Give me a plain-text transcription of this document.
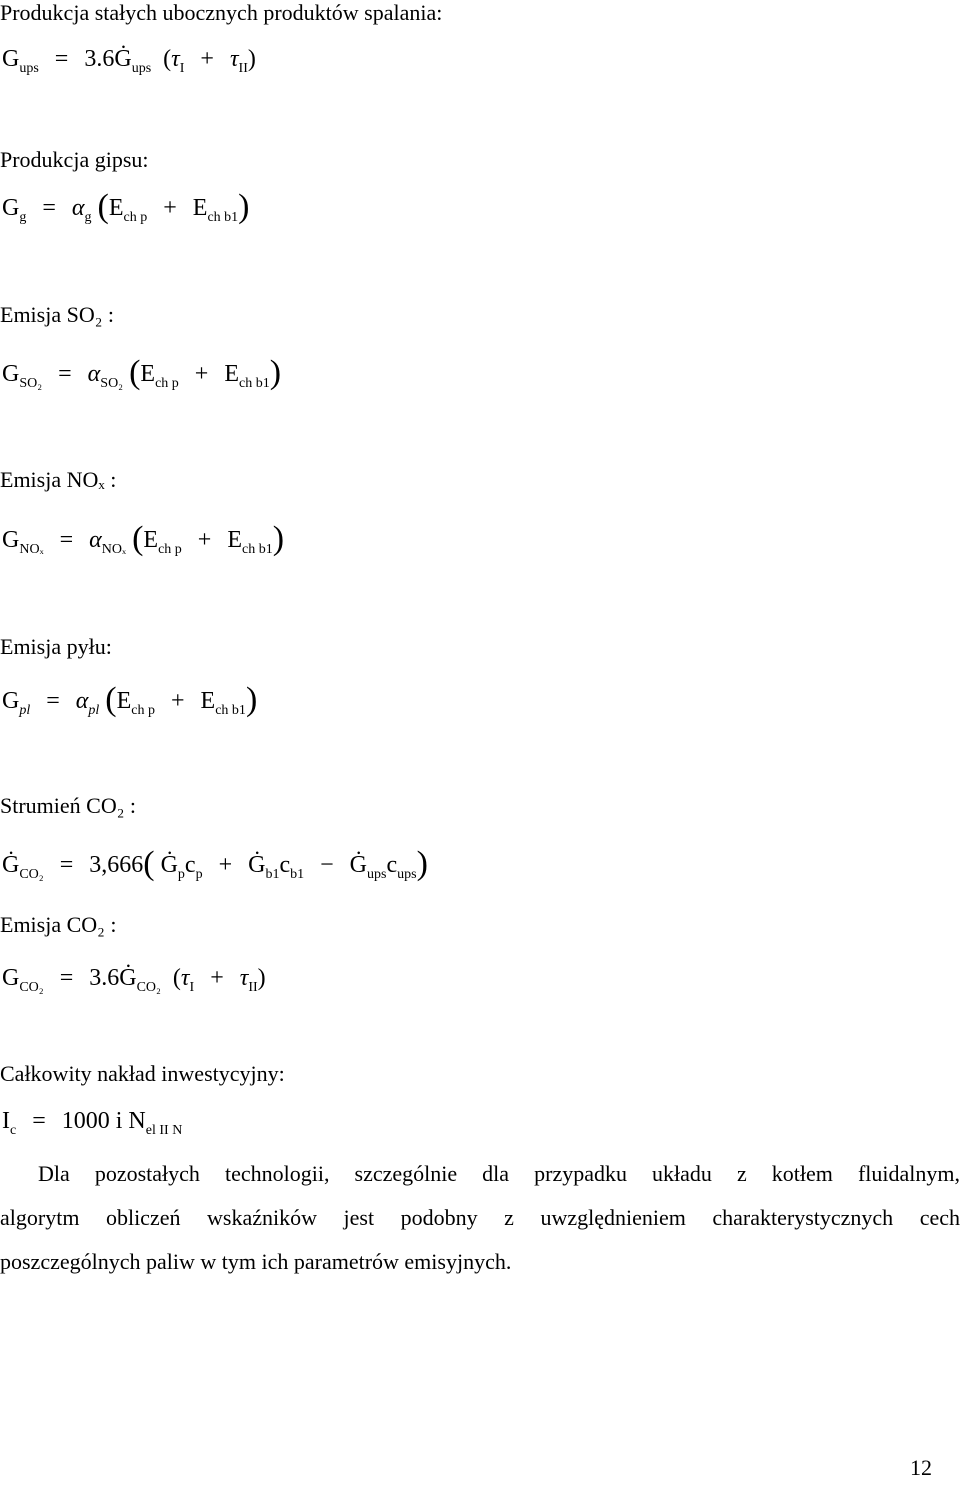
Produkcja stałych ubocznych produktów spalania:
Gups = 3.6Ġups  (τI + τII)
Produkcja gipsu:
Gg = αg (Ech p + Ech b1)
Emisja SO₂ :
GSO₂ = αSO₂ (Ech p + Ech b1)
Emisja NOₓ :
GNOₓ = αNOₓ (Ech p + Ech b1)
Emisja pyłu:
Gpl = αpl (Ech p + Ech b1)
Strumień CO₂ :
ĠCO₂ = 3,666( Ġpcp + Ġb1cb1 − Ġupscups)
Emisja CO₂ :
GCO₂ = 3.6ĠCO₂  (τI + τII)
Całkowity nakład inwestycyjny:
Ic = 1000 i Nel II N
Dla pozostałych technologii, szczególnie dla przypadku układu z kotłem fluidalnym,
algorytm obliczeń wskaźników jest podobny z uwzględnieniem charakterystycznych cech
poszczególnych paliw w tym ich parametrów emisyjnych.
12
